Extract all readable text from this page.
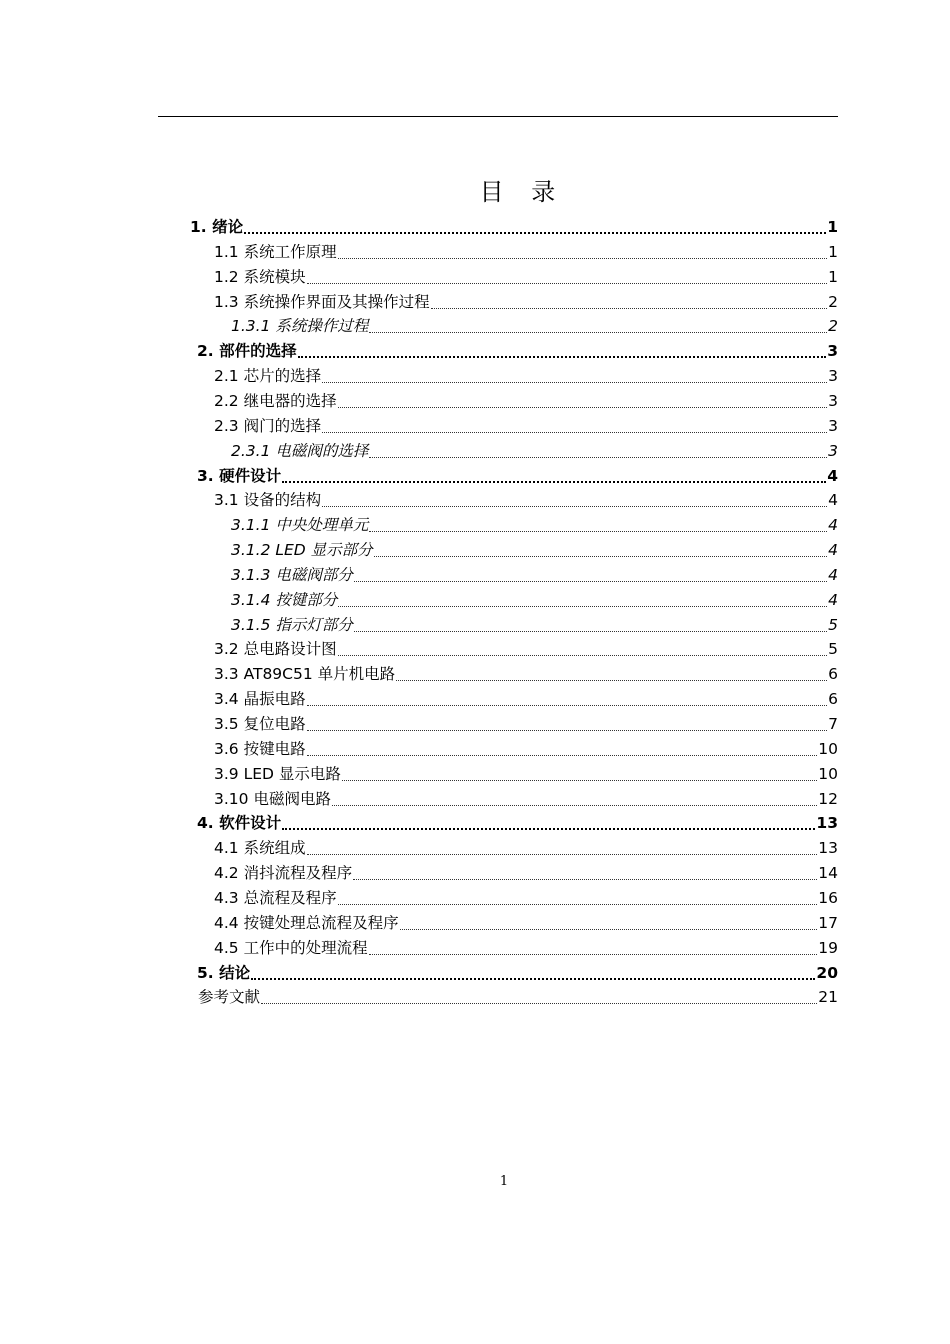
目 录
1. 绪论	1
1.1 系统工作原理	1
1.2 系统模块	1
1.3 系统操作界面及其操作过程	2
1.3.1 系统操作过程	2
2. 部件的选择	3
2.1 芯片的选择	3
2.2 继电器的选择	3
2.3 阀门的选择	3
2.3.1 电磁阀的选择	3
3. 硬件设计	4
3.1 设备的结构	4
3.1.1 中央处理单元	4
3.1.2 LED 显示部分	4
3.1.3 电磁阀部分	4
3.1.4 按键部分	4
3.1.5 指示灯部分	5
3.2 总电路设计图	5
3.3 AT89C51 单片机电路	6
3.4 晶振电路	6
3.5 复位电路	7
3.6 按键电路	10
3.9 LED 显示电路	10
3.10 电磁阀电路	12
4. 软件设计	13
4.1 系统组成	13
4.2 消抖流程及程序	14
4.3 总流程及程序	16
4.4 按键处理总流程及程序	17
4.5 工作中的处理流程	19
5. 结论	20
参考文献	21
1
